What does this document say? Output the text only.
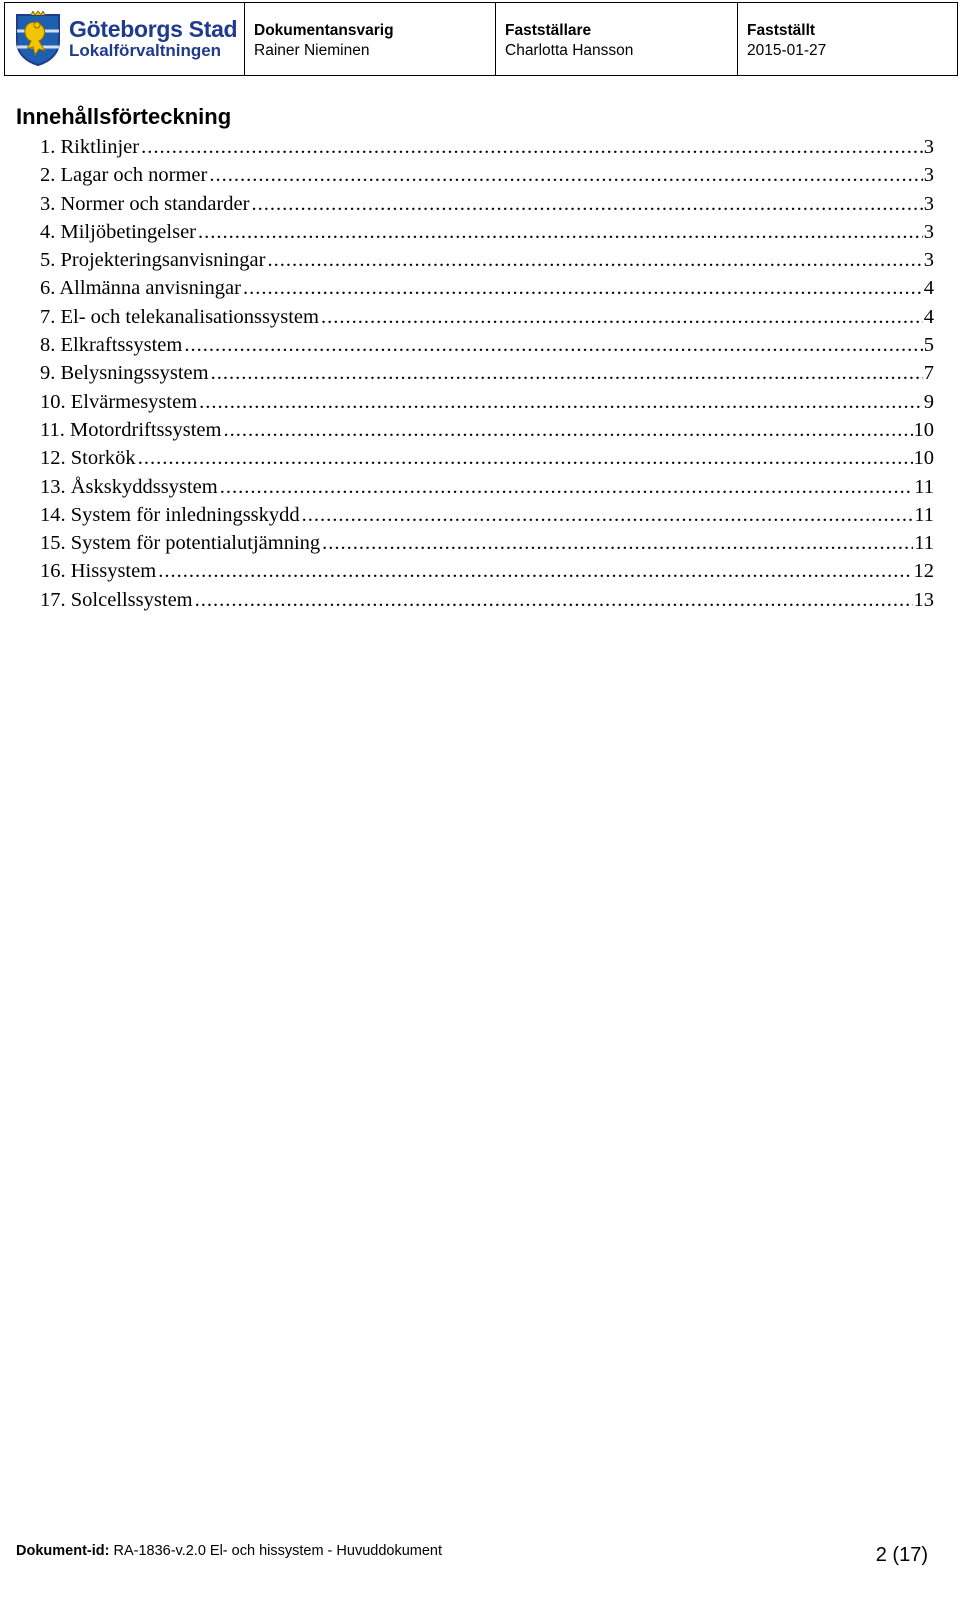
Göteborgs Stad
Lokalförvaltningen
Dokumentansvarig
Rainer Nieminen
Fastställare
Charlotta Hansson
Fastställt
2015-01-27
Innehållsförteckning
1. Riktlinjer .....	3
2. Lagar och normer .....	3
3. Normer och standarder .....	3
4. Miljöbetingelser .....	3
5. Projekteringsanvisningar .....	3
6. Allmänna anvisningar .....	4
7. El- och telekanalisationssystem .....	4
8. Elkraftssystem .....	5
9. Belysningssystem .....	7
10. Elvärmesystem .....	9
11. Motordriftssystem .....	10
12. Storkök .....	10
13. Åskskyddssystem .....	11
14. System för inledningsskydd .....	11
15. System för potentialutjämning .....	11
16. Hissystem .....	12
17. Solcellssystem .....	13
Dokument-id: RA-1836-v.2.0 El- och hissystem - Huvuddokument	2 (17)
